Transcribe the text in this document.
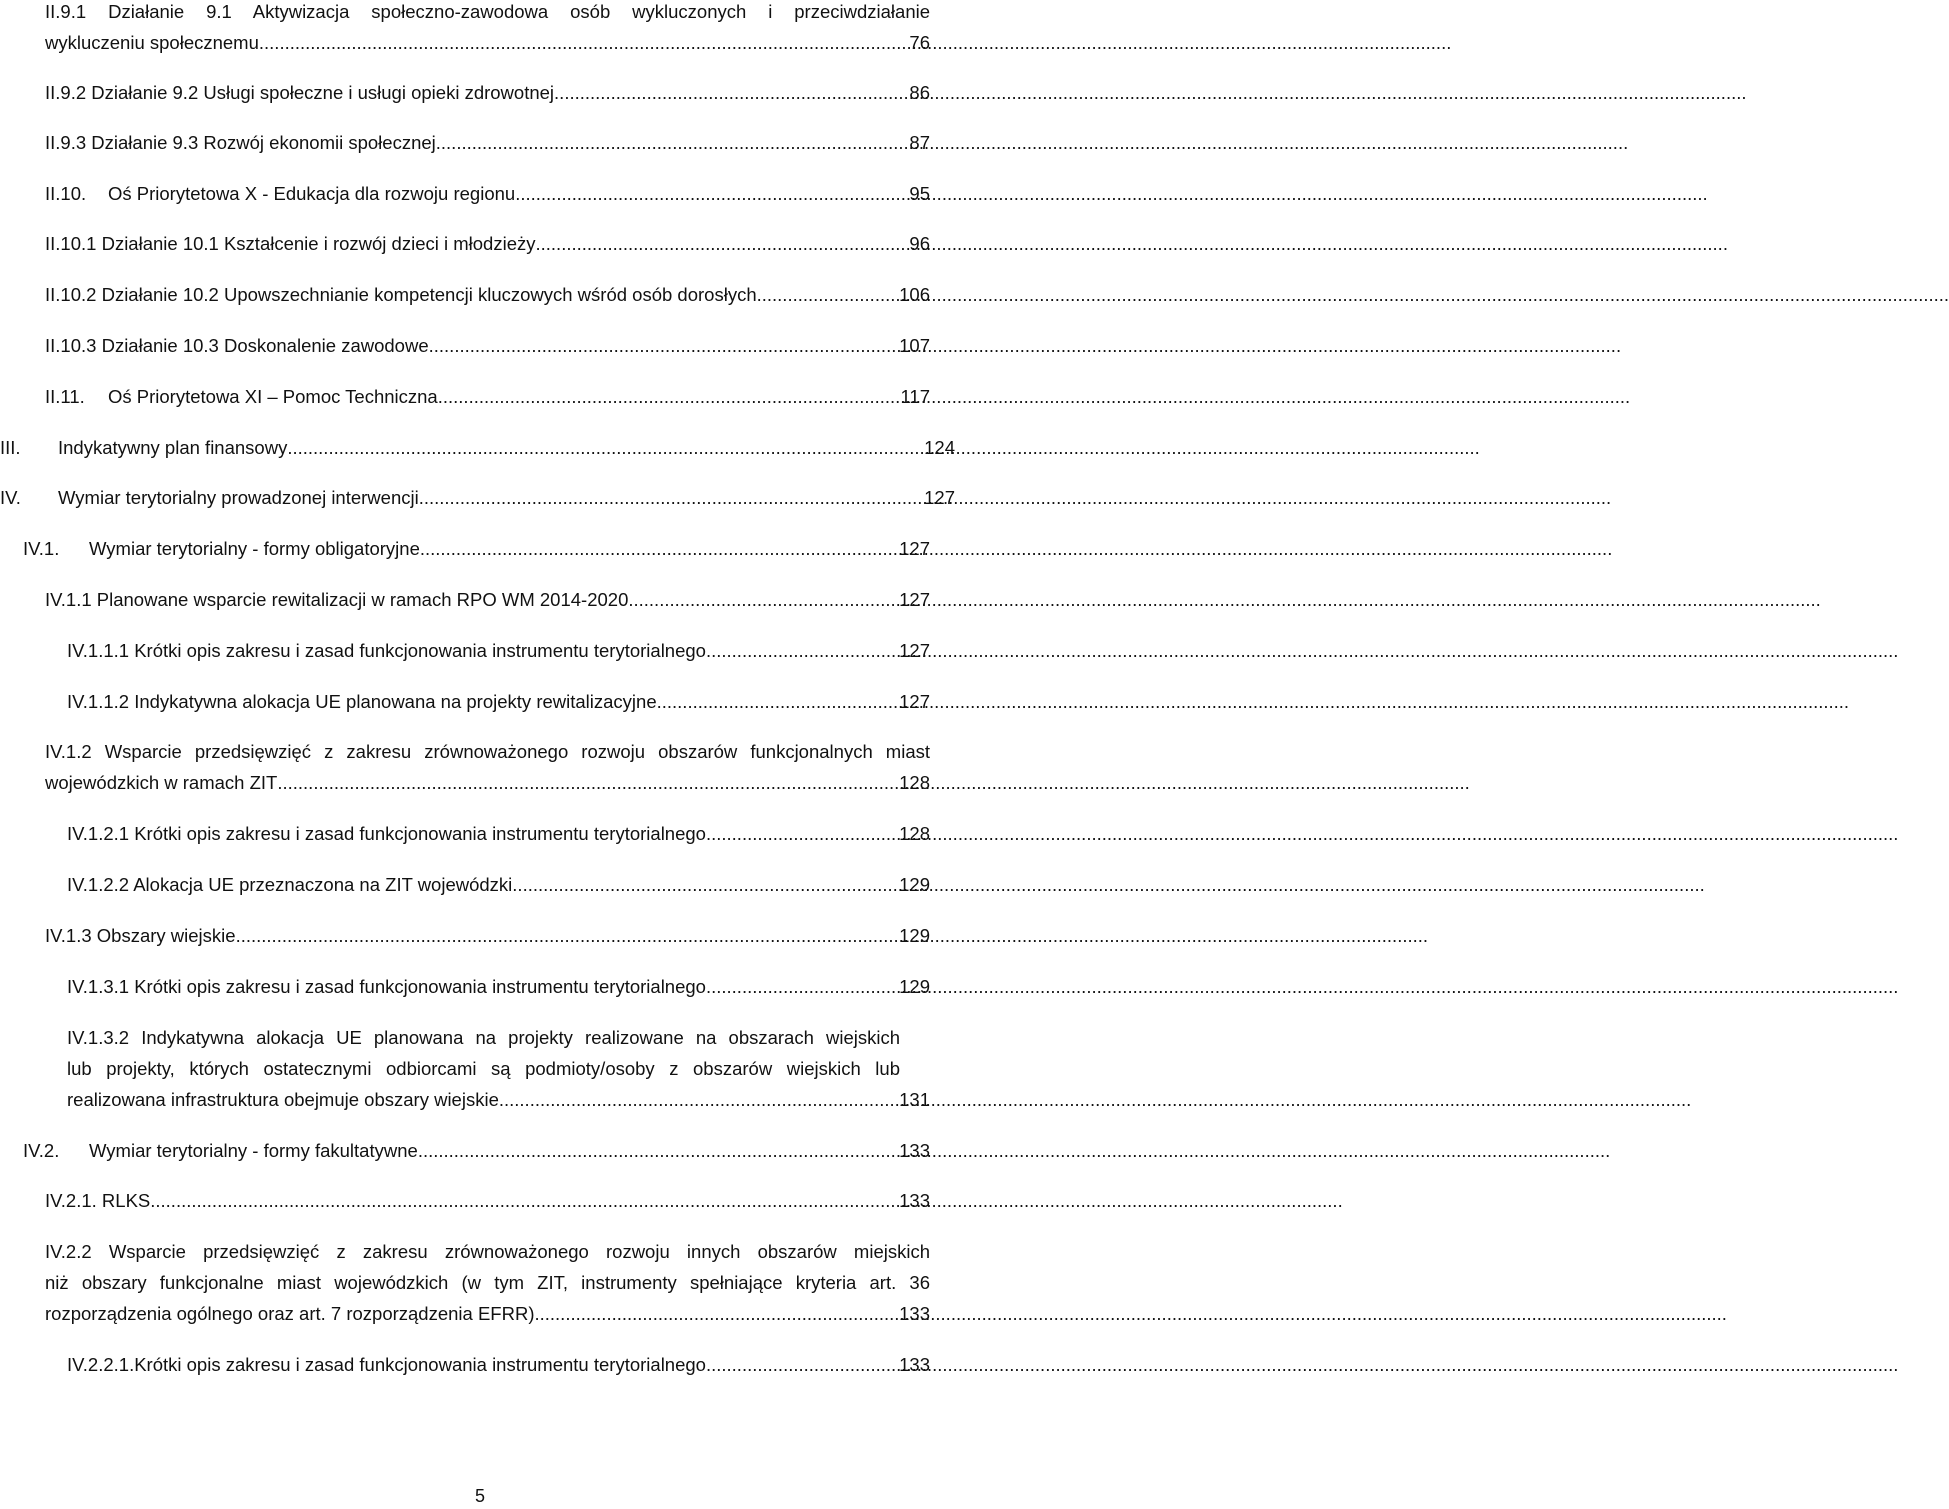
II.9.1 Działanie 9.1 Aktywizacja społeczno-zawodowa osób wykluczonych i przeciwdziałanie
wykluczeniu społecznemu .....	76
II.9.2 Działanie 9.2 Usługi społeczne i usługi opieki zdrowotnej .....	86
II.9.3 Działanie 9.3 Rozwój ekonomii społecznej .....	87
II.10. Oś Priorytetowa X - Edukacja dla rozwoju regionu .....	95
II.10.1 Działanie 10.1 Kształcenie i rozwój dzieci i młodzieży .....	96
II.10.2 Działanie 10.2 Upowszechnianie kompetencji kluczowych wśród osób dorosłych .....	106
II.10.3 Działanie 10.3 Doskonalenie zawodowe .....	107
II.11. Oś Priorytetowa XI – Pomoc Techniczna .....	117
III. Indykatywny plan finansowy .....	124
IV. Wymiar terytorialny prowadzonej interwencji .....	127
IV.1. Wymiar terytorialny - formy obligatoryjne .....	127
IV.1.1 Planowane wsparcie rewitalizacji w ramach RPO WM 2014-2020 .....	127
IV.1.1.1 Krótki opis zakresu i zasad funkcjonowania instrumentu terytorialnego .....	127
IV.1.1.2 Indykatywna alokacja UE planowana na projekty rewitalizacyjne .....	127
IV.1.2 Wsparcie przedsięwzięć z zakresu zrównoważonego rozwoju obszarów funkcjonalnych miast
wojewódzkich w ramach ZIT .....	128
IV.1.2.1 Krótki opis zakresu i zasad funkcjonowania instrumentu terytorialnego .....	128
IV.1.2.2 Alokacja UE przeznaczona na ZIT wojewódzki .....	129
IV.1.3 Obszary wiejskie .....	129
IV.1.3.1 Krótki opis zakresu i zasad funkcjonowania instrumentu terytorialnego .....	129
IV.1.3.2 Indykatywna alokacja UE planowana na projekty realizowane na obszarach wiejskich
lub projekty, których ostatecznymi odbiorcami są podmioty/osoby z obszarów wiejskich lub
realizowana infrastruktura obejmuje obszary wiejskie .....	131
IV.2. Wymiar terytorialny - formy fakultatywne .....	133
IV.2.1. RLKS .....	133
IV.2.2 Wsparcie przedsięwzięć z zakresu zrównoważonego rozwoju innych obszarów miejskich
niż obszary funkcjonalne miast wojewódzkich (w tym ZIT, instrumenty spełniające kryteria art. 36
rozporządzenia ogólnego oraz art. 7 rozporządzenia EFRR) .....	133
IV.2.2.1.Krótki opis zakresu i zasad funkcjonowania instrumentu terytorialnego .....	133
5
